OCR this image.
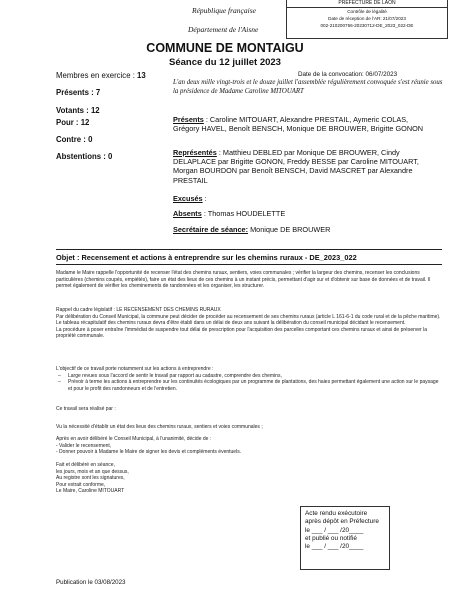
PRÉFECTURE DE LAON
Contrôle de légalité
Date de réception de l'AR: 21/07/2023
002-210200756-20230712-DE_2023_022-DE
République française
Département de l'Aisne
COMMUNE DE MONTAIGU
Séance du 12 juillet 2023
Membres en exercice : 13
Présents : 7
Votants : 12
Pour : 12
Contre : 0
Abstentions : 0
Date de la convocation: 06/07/2023
L'an deux mille vingt-trois et le douze juillet l'assemblée régulièrement convoquée s'est réunie sous la présidence de Madame Caroline MITOUART
Présents : Caroline MITOUART, Alexandre PRESTAIL, Aymeric COLAS, Grégory HAVEL, Benoît BENSCH, Monique DE BROUWER, Brigitte GONON
Représentés : Matthieu DEBLED par Monique DE BROUWER, Cindy DELAPLACE par Brigitte GONON, Freddy BESSE par Caroline MITOUART, Morgan BOURDON par Benoît BENSCH, David MASCRET par Alexandre PRESTAIL
Excusés :
Absents : Thomas HOUDELETTE
Secrétaire de séance: Monique DE BROUWER
Objet : Recensement et actions à entreprendre sur les chemins ruraux - DE_2023_022
Madame le Maire rappelle l'opportunité de recenser l'état des chemins ruraux, sentiers, voies communales ; vérifier la largeur des chemins, recenser les conclusions particulières (chemins coupés, empiétés), faire un état des lieux de ces chemins à un instant précis, permettant d'agir sur et d'obtenir sur base de données et de travail. Il permet également de vérifier les cheminements de randonnées et les organiser, les structurer.
Rappel du cadre législatif : LE RECENSEMENT DES CHEMINS RURAUX
Par délibération du Conseil Municipal, la commune peut décider de procéder au recensement de ses chemins ruraux (article L 161-6-1 du code rural et de la pêche maritime).
Le tableau récapitulatif des chemins ruraux devra d'être établi dans un délai de deux ans suivant la délibération du conseil municipal décidant le recensement.
La procédure à poser entraîne l'immédiat de suspendre tout délai de prescription pour l'acquisition des parcelles comportant ces chemins ruraux et ainsi de préserver la propriété communale.
L'objectif de ce travail porte notamment sur les actions à entreprendre :
– Large revues sous l'accord de sentir le travail par rapport au cadastre, comprendre des chemins,
– Prévoir à terme les actions à entreprendre sur les continuités écologiques par un programme de plantations, des haies permettant également une action sur le paysage et pour le profit des randonneurs et de l'entretien.
Ce travail sera réalisé par :
Vu la nécessité d'établir un état des lieux des chemins ruraux, sentiers et voies communales ;
Après en avoir délibéré le Conseil Municipal, à l'unanimité, décide de :
- Valider le recensement,
- Donner pouvoir à Madame le Maire de signer les devis et compléments éventuels.
Fait et délibéré en séance,
les jours, mois et an que dessus,
Au registre sont les signatures,
Pour extrait conforme,
Le Maire, Caroline MITOUART
Acte rendu exécutoire
après dépôt en Préfecture
le ___ / ___ /20____
et publié ou notifié
le ___ / ___ /20____
Publication le 03/08/2023
